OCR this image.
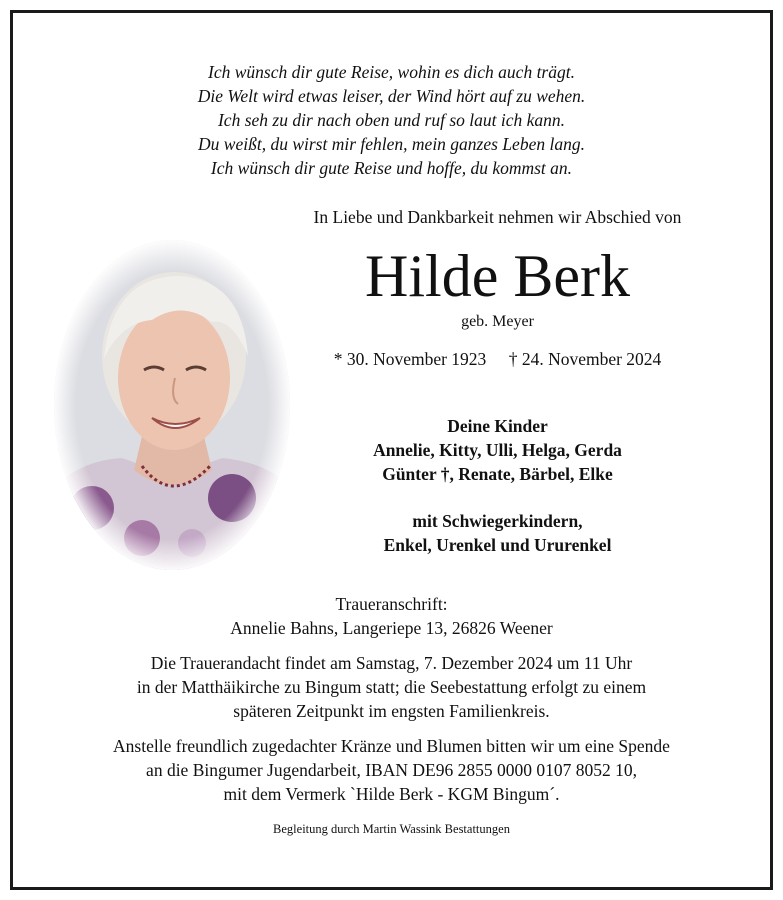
Ich wünsch dir gute Reise, wohin es dich auch trägt.
Die Welt wird etwas leiser, der Wind hört auf zu wehen.
Ich seh zu dir nach oben und ruf so laut ich kann.
Du weißt, du wirst mir fehlen, mein ganzes Leben lang.
Ich wünsch dir gute Reise und hoffe, du kommst an.
In Liebe und Dankbarkeit nehmen wir Abschied von
Hilde Berk
geb. Meyer
* 30. November 1923 † 24. November 2024
Deine Kinder
Annelie, Kitty, Ulli, Helga, Gerda
Günter †, Renate, Bärbel, Elke
mit Schwiegerkindern,
Enkel, Urenkel und Ururenkel
Traueranschrift:
Annelie Bahns, Langeriepe 13, 26826 Weener
Die Trauerandacht findet am Samstag, 7. Dezember 2024 um 11 Uhr
in der Matthäikirche zu Bingum statt; die Seebestattung erfolgt zu einem
späteren Zeitpunkt im engsten Familienkreis.
Anstelle freundlich zugedachter Kränze und Blumen bitten wir um eine Spende
an die Bingumer Jugendarbeit, IBAN DE96 2855 0000 0107 8052 10,
mit dem Vermerk `Hilde Berk - KGM Bingum´.
Begleitung durch Martin Wassink Bestattungen
